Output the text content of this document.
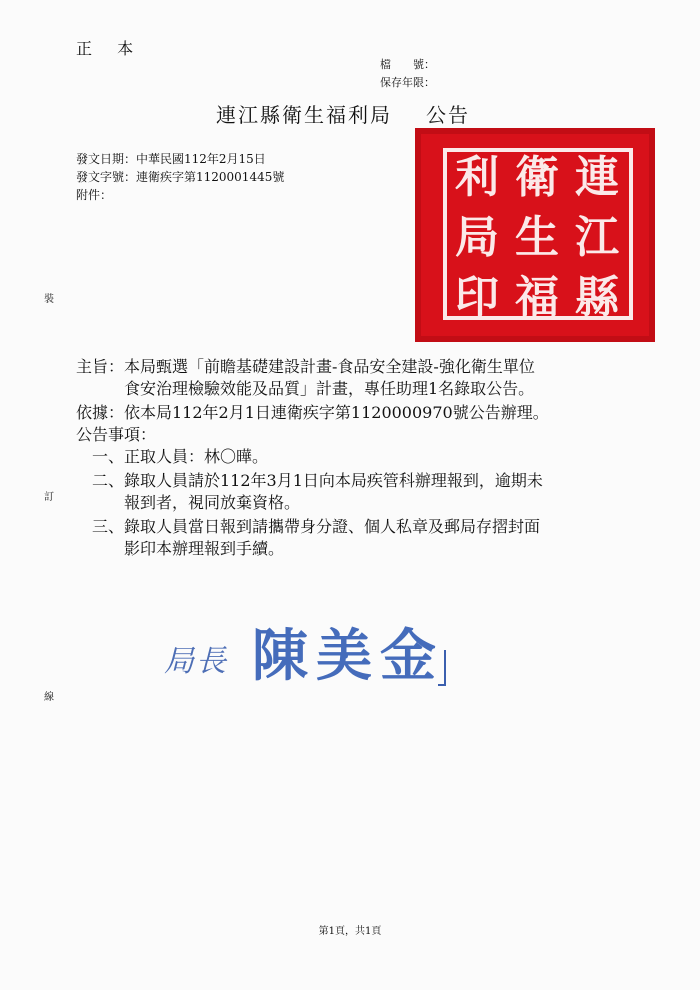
正 本
檔　　號：
保存年限：
連江縣衛生福利局 公告
連
江
縣
衛
生
福
利
局
印
發文日期：中華民國112年2月15日
發文字號：連衛疾字第1120001445號
附件：
裝
訂
線
主旨：本局甄選「前瞻基礎建設計畫-食品安全建設-強化衛生單位
食安治理檢驗效能及品質」計畫，專任助理1名錄取公告。
依據：依本局112年2月1日連衛疾字第1120000970號公告辦理。
公告事項：
一、正取人員：林〇曄。
二、錄取人員請於112年3月1日向本局疾管科辦理報到，逾期未
報到者，視同放棄資格。
三、錄取人員當日報到請攜帶身分證、個人私章及郵局存摺封面
影印本辦理報到手續。
局長 陳美金
第1頁，共1頁
